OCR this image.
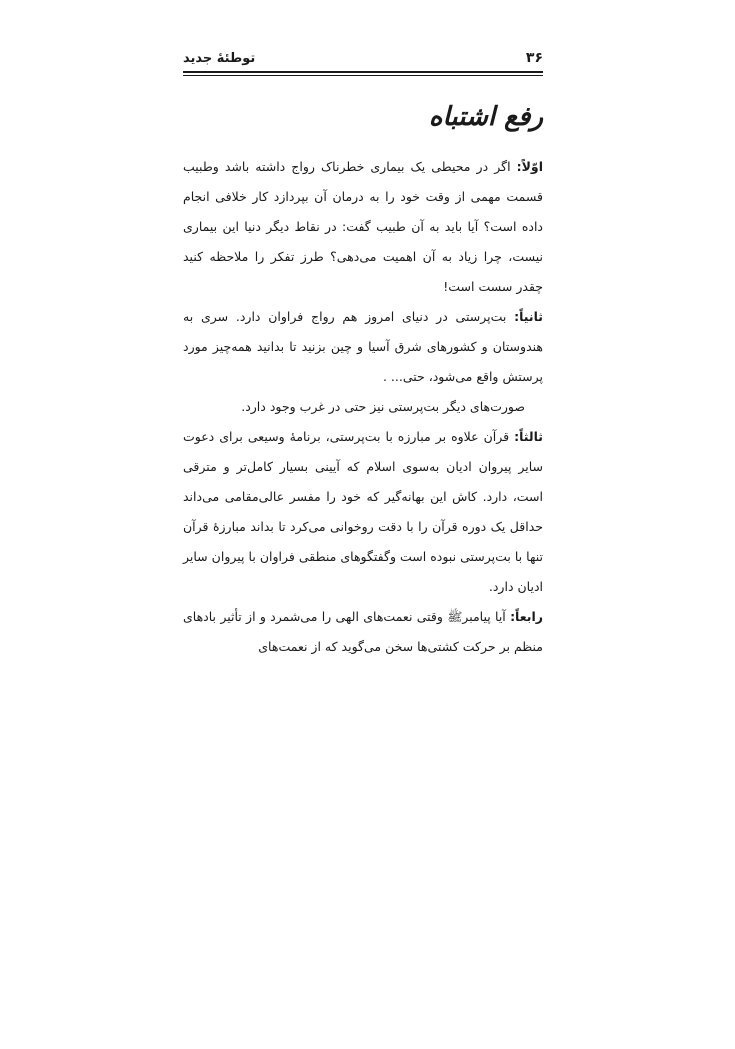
توطئهٔ جدید	۳۶
رفع اشتباه

اوّلاً: اگر در محیطی یک بیماری خطرناک رواج داشته باشد وطبیب قسمت مهمی از وقت خود را به درمان آن بپردازد کار خلافی انجام داده است؟ آیا باید به آن طبیب گفت: در نقاط دیگر دنیا این بیماری نیست، چرا زیاد به آن اهمیت می‌دهی؟ طرز تفکر را ملاحظه کنید چقدر سست است!

ثانیاً: بت‌پرستی در دنیای امروز هم رواج فراوان دارد. سری به هندوستان و کشورهای شرق آسیا و چین بزنید تا بدانید همه‌چیز مورد پرستش واقع می‌شود، حتی... .

صورت‌های دیگر بت‌پرستی نیز حتی در غرب وجود دارد.

ثالثاً: قرآن علاوه بر مبارزه با بت‌پرستی، برنامهٔ وسیعی برای دعوت سایر پیروان ادیان به‌سوی اسلام که آیینی بسیار کامل‌تر و مترقی است، دارد. کاش این بهانه‌گیر که خود را مفسر عالی‌مقامی می‌داند حداقل یک دوره قرآن را با دقت روخوانی می‌کرد تا بداند مبارزهٔ قرآن تنها با بت‌پرستی نبوده است وگفتگوهای منطقی فراوان با پیروان سایر ادیان دارد.

رابعاً: آیا پیامبرﷺ وقتی نعمت‌های الهی را می‌شمرد و از تأثیر بادهای منظم بر حرکت کشتی‌ها سخن می‌گوید که از نعمت‌های
